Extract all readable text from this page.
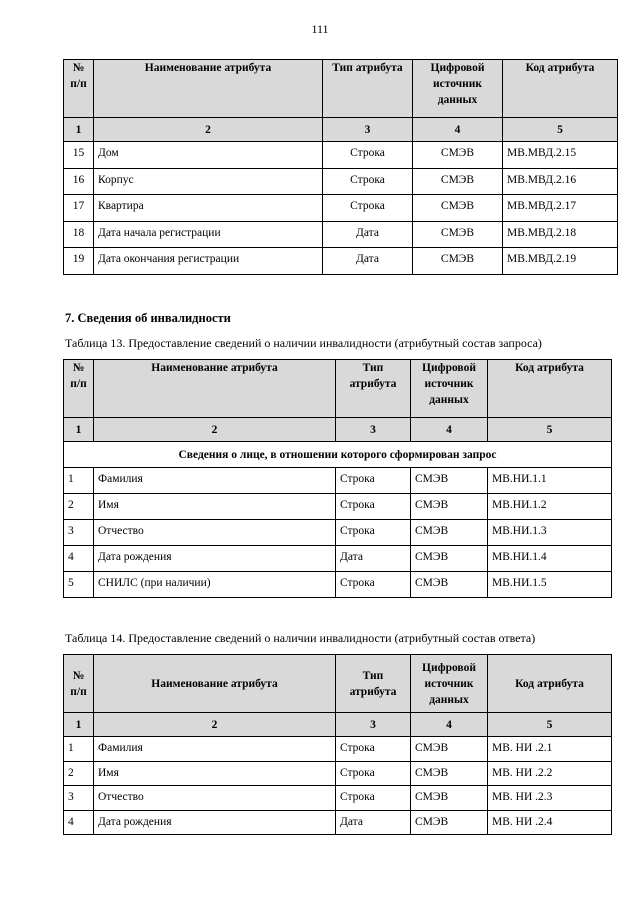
111
№ п/п	Наименование атрибута	Тип атрибута	Цифровой источник данных	Код атрибута
1	2	3	4	5
15	Дом	Строка	СМЭВ	МВ.МВД.2.15
16	Корпус	Строка	СМЭВ	МВ.МВД.2.16
17	Квартира	Строка	СМЭВ	МВ.МВД.2.17
18	Дата начала регистрации	Дата	СМЭВ	МВ.МВД.2.18
19	Дата окончания регистрации	Дата	СМЭВ	МВ.МВД.2.19
7. Сведения об инвалидности
Таблица 13. Предоставление сведений о наличии инвалидности (атрибутный состав запроса)
№ п/п	Наименование атрибута	Тип атрибута	Цифровой источник данных	Код атрибута
1	2	3	4	5
Сведения о лице, в отношении которого сформирован запрос				
1	Фамилия	Строка	СМЭВ	МВ.НИ.1.1
2	Имя	Строка	СМЭВ	МВ.НИ.1.2
3	Отчество	Строка	СМЭВ	МВ.НИ.1.3
4	Дата рождения	Дата	СМЭВ	МВ.НИ.1.4
5	СНИЛС (при наличии)	Строка	СМЭВ	МВ.НИ.1.5
Таблица 14. Предоставление сведений о наличии инвалидности (атрибутный состав ответа)
№ п/п	Наименование атрибута	Тип атрибута	Цифровой источник данных	Код атрибута
1	2	3	4	5
1	Фамилия	Строка	СМЭВ	МВ. НИ .2.1
2	Имя	Строка	СМЭВ	МВ. НИ .2.2
3	Отчество	Строка	СМЭВ	МВ. НИ .2.3
4	Дата рождения	Дата	СМЭВ	МВ. НИ .2.4
